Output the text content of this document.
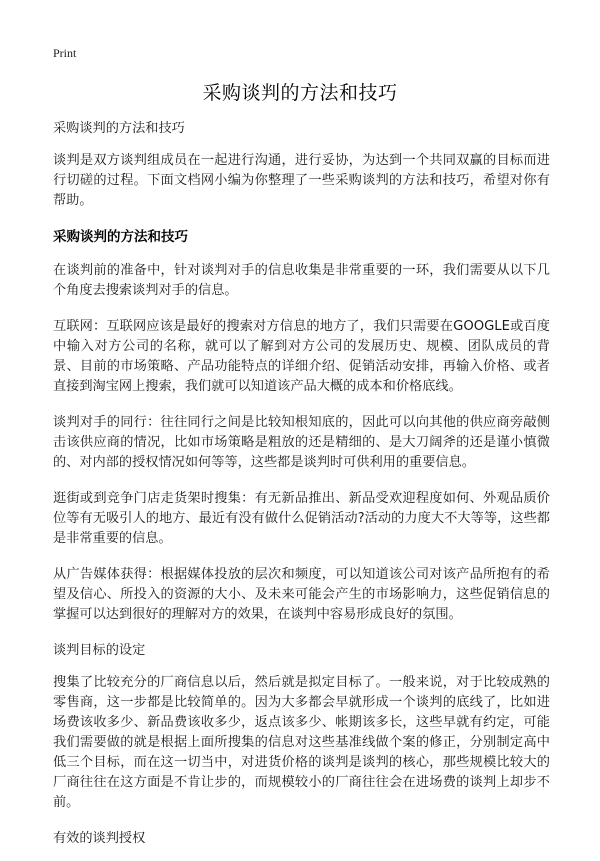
Print
采购谈判的方法和技巧

采购谈判的方法和技巧

谈判是双方谈判组成员在一起进行沟通，进行妥协，为达到一个共同双赢的目标而进行切磋的过程。下面文档网小编为你整理了一些采购谈判的方法和技巧，希望对你有帮助。

采购谈判的方法和技巧

在谈判前的准备中，针对谈判对手的信息收集是非常重要的一环，我们需要从以下几个角度去搜索谈判对手的信息。

互联网：互联网应该是最好的搜索对方信息的地方了，我们只需要在GOOGLE或百度中输入对方公司的名称，就可以了解到对方公司的发展历史、规模、团队成员的背景、目前的市场策略、产品功能特点的详细介绍、促销活动安排，再输入价格、或者直接到淘宝网上搜索，我们就可以知道该产品大概的成本和价格底线。

谈判对手的同行：往往同行之间是比较知根知底的，因此可以向其他的供应商旁敲侧击该供应商的情况，比如市场策略是粗放的还是精细的、是大刀阔斧的还是谨小慎微的、对内部的授权情况如何等等，这些都是谈判时可供利用的重要信息。

逛街或到竞争门店走货架时搜集：有无新品推出、新品受欢迎程度如何、外观品质价位等有无吸引人的地方、最近有没有做什么促销活动?活动的力度大不大等等，这些都是非常重要的信息。

从广告媒体获得：根据媒体投放的层次和频度，可以知道该公司对该产品所抱有的希望及信心、所投入的资源的大小、及未来可能会产生的市场影响力，这些促销信息的掌握可以达到很好的理解对方的效果，在谈判中容易形成良好的氛围。

谈判目标的设定

搜集了比较充分的厂商信息以后，然后就是拟定目标了。一般来说，对于比较成熟的零售商，这一步都是比较简单的。因为大多都会早就形成一个谈判的底线了，比如进场费该收多少、新品费该收多少，返点该多少、帐期该多长，这些早就有约定，可能我们需要做的就是根据上面所搜集的信息对这些基准线做个案的修正，分别制定高中低三个目标，而在这一切当中，对进货价格的谈判是谈判的核心，那些规模比较大的厂商往往在这方面是不肯让步的，而规模较小的厂商往往会在进场费的谈判上却步不前。

有效的谈判授权
